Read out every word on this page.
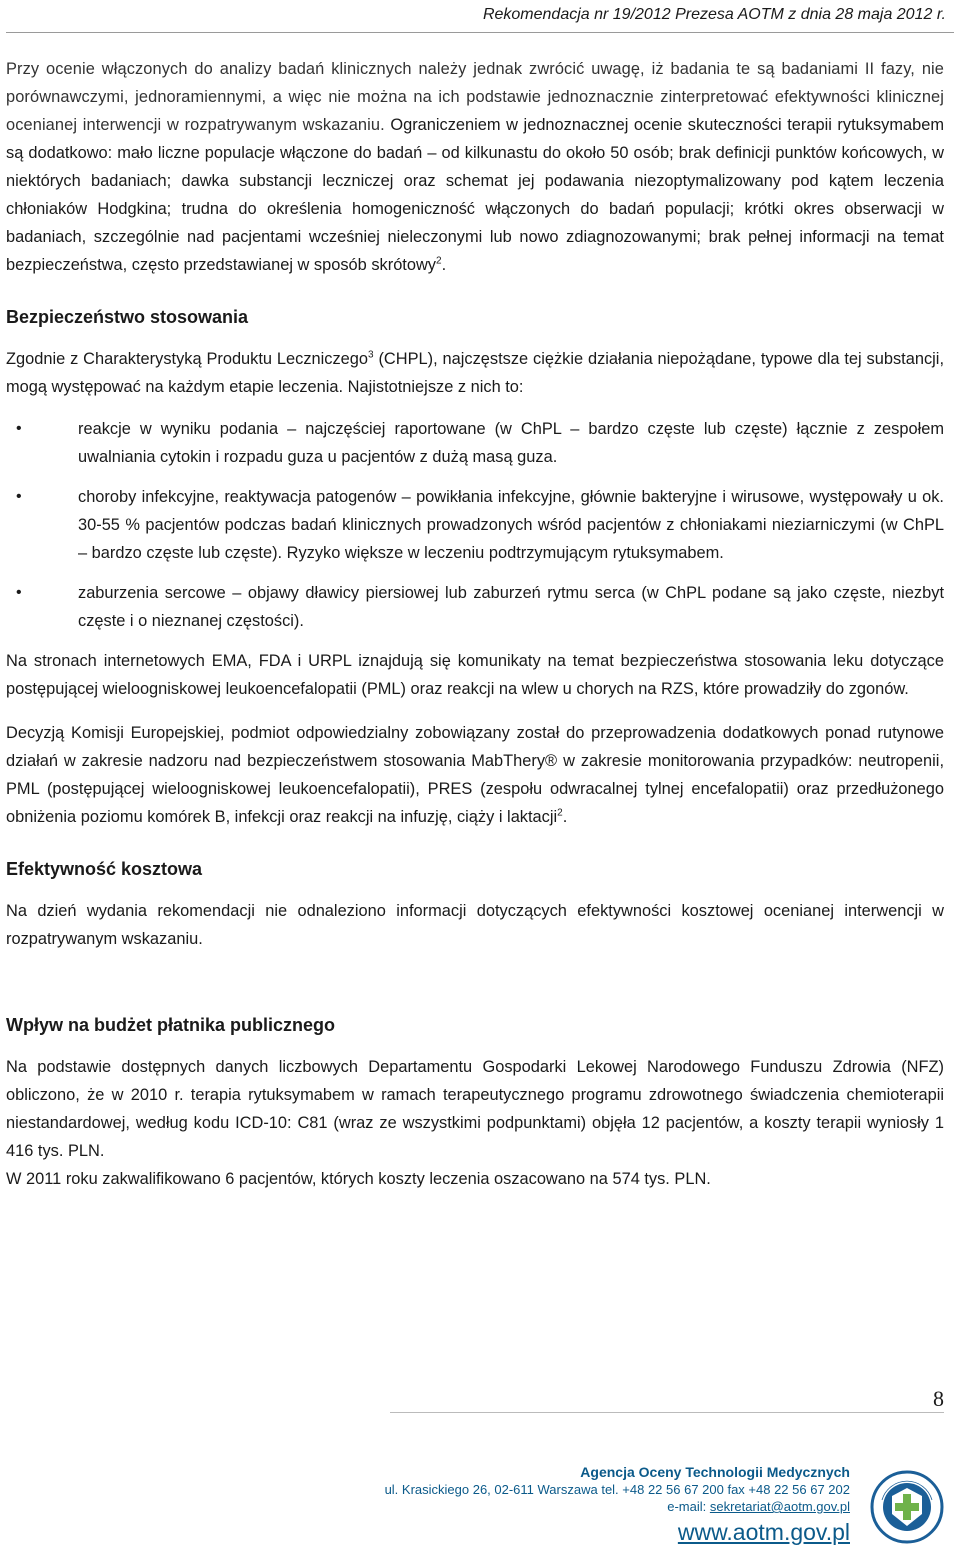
Rekomendacja nr 19/2012 Prezesa AOTM z dnia 28 maja 2012 r.

Przy ocenie włączonych do analizy badań klinicznych należy jednak zwrócić uwagę, iż badania te są badaniami II fazy, nie porównawczymi, jednoramiennymi, a więc nie można na ich podstawie jednoznacznie zinterpretować efektywności klinicznej ocenianej interwencji w rozpatrywanym wskazaniu. Ograniczeniem w jednoznacznej ocenie skuteczności terapii rytuksymabem są dodatkowo: mało liczne populacje włączone do badań – od kilkunastu do około 50 osób; brak definicji punktów końcowych, w niektórych badaniach; dawka substancji leczniczej oraz schemat jej podawania niezoptymalizowany pod kątem leczenia chłoniaków Hodgkina; trudna do określenia homogeniczność włączonych do badań populacji; krótki okres obserwacji w badaniach, szczególnie nad pacjentami wcześniej nieleczonymi lub nowo zdiagnozowanymi; brak pełnej informacji na temat bezpieczeństwa, często przedstawianej w sposób skrótowy$^2$.

Bezpieczeństwo stosowania

Zgodnie z Charakterystyką Produktu Leczniczego$^3$ (CHPL), najczęstsze ciężkie działania niepożądane, typowe dla tej substancji, mogą występować na każdym etapie leczenia. Najistotniejsze z nich to:

•	reakcje w wyniku podania – najczęściej raportowane (w ChPL – bardzo częste lub częste) łącznie z zespołem uwalniania cytokin i rozpadu guza u pacjentów z dużą masą guza.
•	choroby infekcyjne, reaktywacja patogenów – powikłania infekcyjne, głównie bakteryjne i wirusowe, występowały u ok. 30-55 % pacjentów podczas badań klinicznych prowadzonych wśród pacjentów z chłoniakami nieziarniczymi (w ChPL – bardzo częste lub częste). Ryzyko większe w leczeniu podtrzymującym rytuksymabem.
•	zaburzenia sercowe – objawy dławicy piersiowej lub zaburzeń rytmu serca (w ChPL podane są jako częste, niezbyt częste i o nieznanej częstości).

Na stronach internetowych EMA, FDA i URPL iznajdują się komunikaty na temat bezpieczeństwa stosowania leku dotyczące postępującej wieloogniskowej leukoencefalopatii (PML) oraz reakcji na wlew u chorych na RZS, które prowadziły do zgonów.

Decyzją Komisji Europejskiej, podmiot odpowiedzialny zobowiązany został do przeprowadzenia dodatkowych ponad rutynowe działań w zakresie nadzoru nad bezpieczeństwem stosowania MabThery® w zakresie monitorowania przypadków: neutropenii, PML (postępującej wieloogniskowej leukoencefalopatii), PRES (zespołu odwracalnej tylnej encefalopatii) oraz przedłużonego obniżenia poziomu komórek B, infekcji oraz reakcji na infuzję, ciąży i laktacji$^2$.

Efektywność kosztowa

Na dzień wydania rekomendacji nie odnaleziono informacji dotyczących efektywności kosztowej ocenianej interwencji w rozpatrywanym wskazaniu.

Wpływ na budżet płatnika publicznego

Na podstawie dostępnych danych liczbowych Departamentu Gospodarki Lekowej Narodowego Funduszu Zdrowia (NFZ) obliczono, że w 2010 r. terapia rytuksymabem w ramach terapeutycznego programu zdrowotnego świadczenia chemioterapii niestandardowej, według kodu ICD-10: C81 (wraz ze wszystkimi podpunktami) objęła 12 pacjentów, a koszty terapii wyniosły 1 416 tys. PLN.
W 2011 roku zakwalifikowano 6 pacjentów, których koszty leczenia oszacowano na 574 tys. PLN.

8
Agencja Oceny Technologii Medycznych
ul. Krasickiego 26, 02-611 Warszawa tel. +48 22 56 67 200 fax +48 22 56 67 202
e-mail: sekretariat@aotm.gov.pl
www.aotm.gov.pl
